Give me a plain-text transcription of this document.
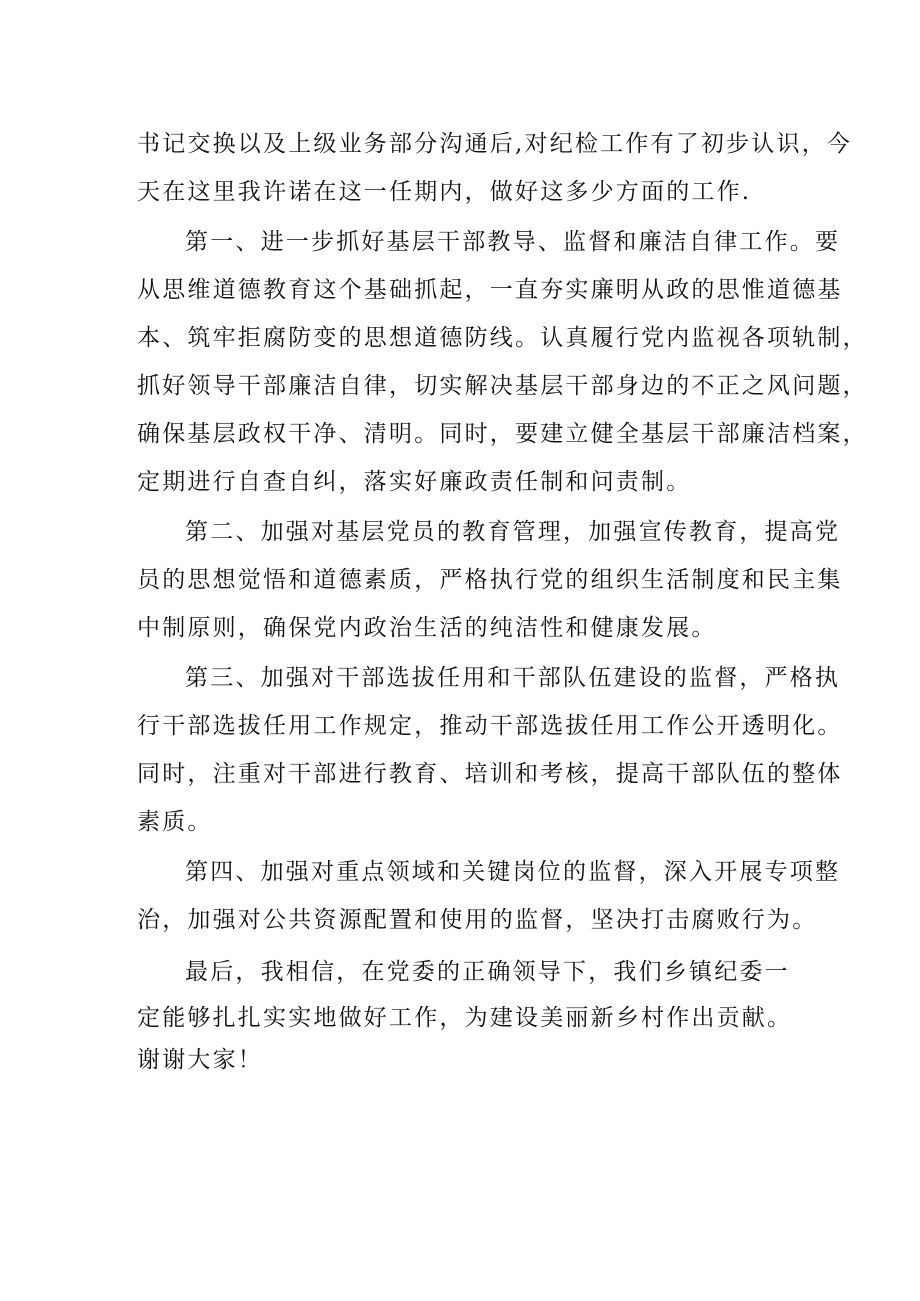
书记交换以及上级业务部分沟通后,对纪检工作有了初步认识，今
天在这里我许诺在这一任期内，做好这多少方面的工作.
第一、进一步抓好基层干部教导、监督和廉洁自律工作。要
从思维道德教育这个基础抓起，一直夯实廉明从政的思惟道德基
本、筑牢拒腐防变的思想道德防线。认真履行党内监视各项轨制，
抓好领导干部廉洁自律，切实解决基层干部身边的不正之风问题，
确保基层政权干净、清明。同时，要建立健全基层干部廉洁档案，
定期进行自查自纠，落实好廉政责任制和问责制。
第二、加强对基层党员的教育管理，加强宣传教育，提高党
员的思想觉悟和道德素质，严格执行党的组织生活制度和民主集
中制原则，确保党内政治生活的纯洁性和健康发展。
第三、加强对干部选拔任用和干部队伍建设的监督，严格执
行干部选拔任用工作规定，推动干部选拔任用工作公开透明化。
同时，注重对干部进行教育、培训和考核，提高干部队伍的整体
素质。
第四、加强对重点领域和关键岗位的监督，深入开展专项整
治，加强对公共资源配置和使用的监督，坚决打击腐败行为。
最后，我相信，在党委的正确领导下，我们乡镇纪委一
定能够扎扎实实地做好工作，为建设美丽新乡村作出贡献。
谢谢大家！
